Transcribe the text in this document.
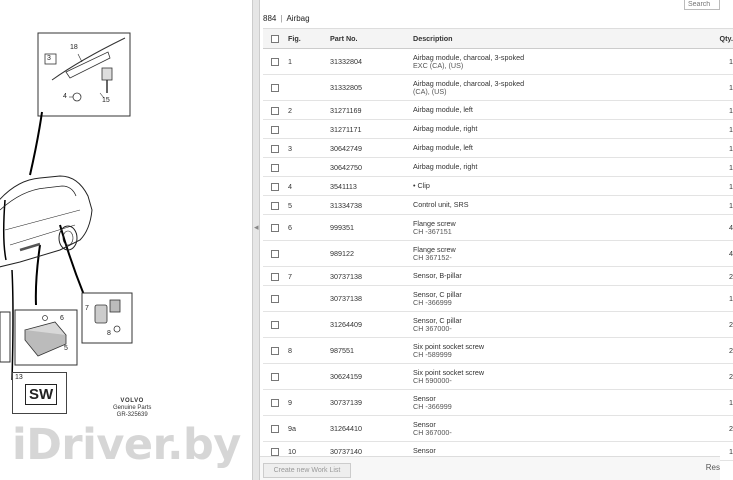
3
18
4
15
7
8
6
5
13
SW	VOLVO
Genuine Parts
GR-325639
iDriver.by
◂
Search
884 | Airbag
	Fig.	Part No.	Description	Qty.
	1	31332804	Airbag module, charcoal, 3-spoked
EXC (CA), (US)	1
		31332805	Airbag module, charcoal, 3-spoked
(CA), (US)	1
	2	31271169	Airbag module, left	1
		31271171	Airbag module, right	1
	3	30642749	Airbag module, left	1
		30642750	Airbag module, right	1
	4	3541113	• Clip	1
	5	31334738	Control unit, SRS	1
	6	999351	Flange screw
CH -367151	4
		989122	Flange screw
CH 367152-	4
	7	30737138	Sensor, B-pillar	2
		30737138	Sensor, C pillar
CH -366999	1
		31264409	Sensor, C pillar
CH 367000-	2
	8	987551	Six point socket screw
CH -589999	2
		30624159	Six point socket screw
CH 590000-	2
	9	30737139	Sensor
CH -366999	1
	9a	31264410	Sensor
CH 367000-	2
	10	30737140	Sensor	1
Create new Work List	Res
